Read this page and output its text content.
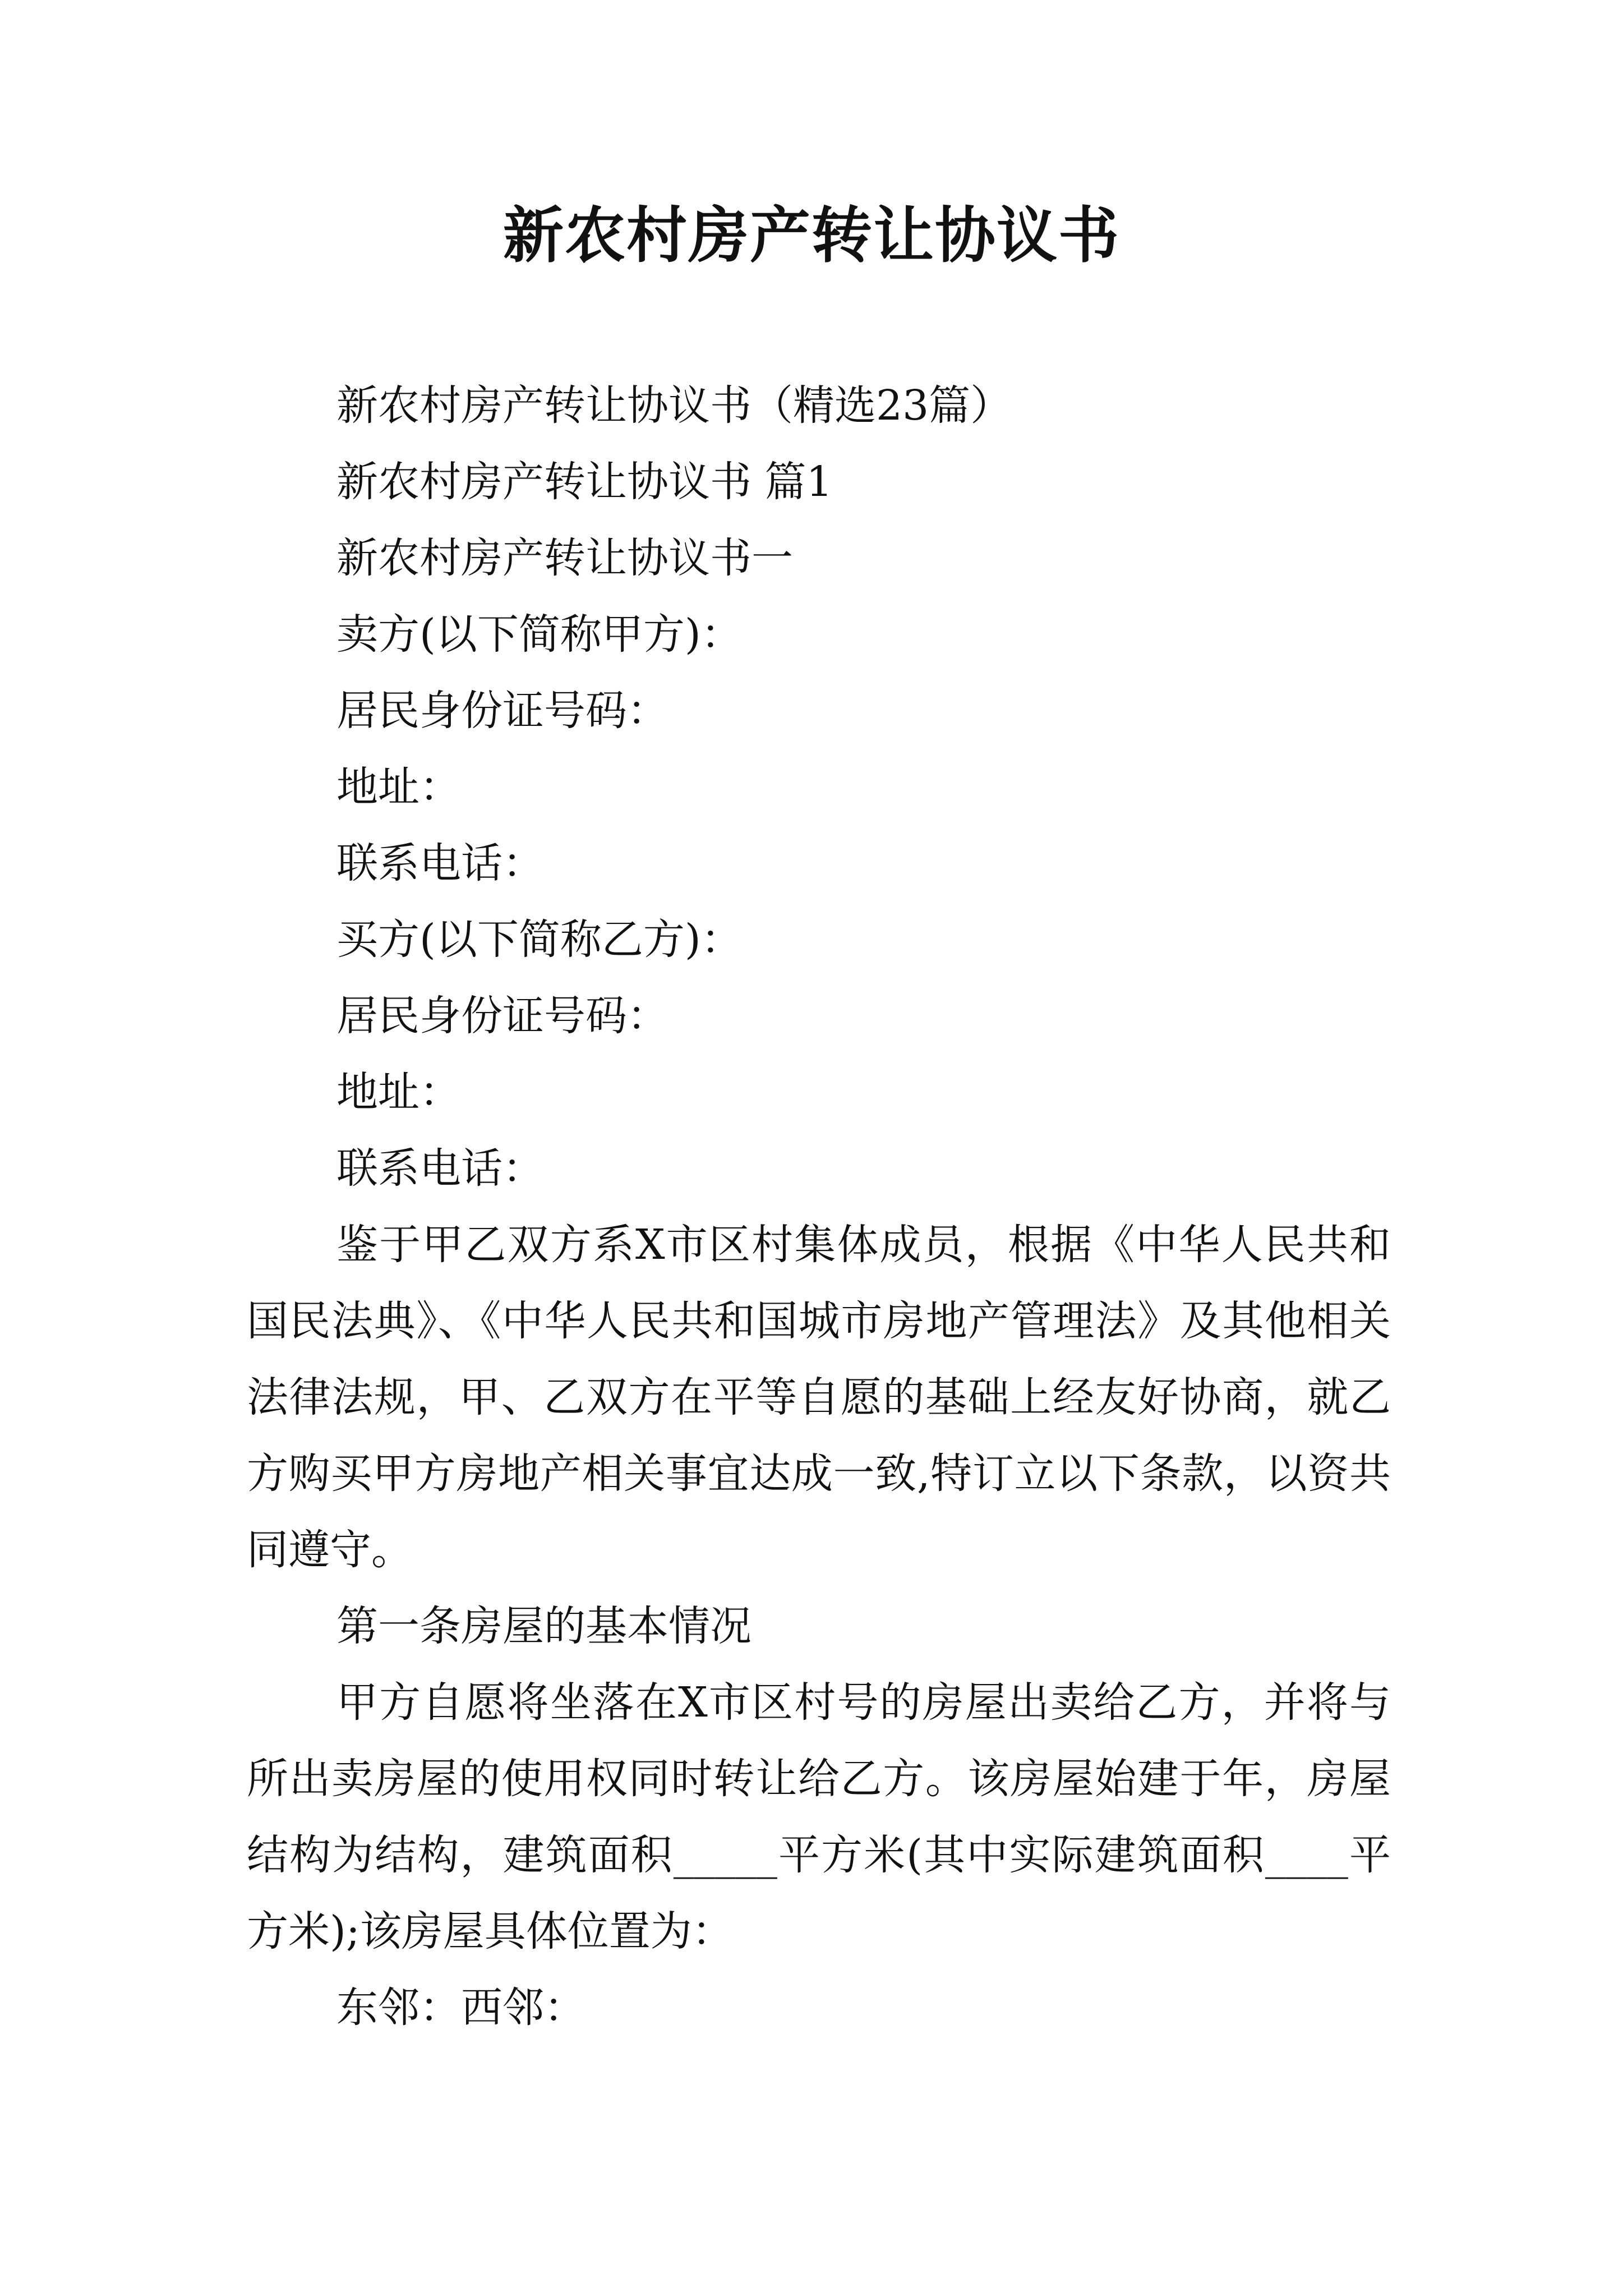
新农村房产转让协议书

新农村房产转让协议书（精选23篇）

新农村房产转让协议书 篇1

新农村房产转让协议书一

卖方(以下简称甲方)：

居民身份证号码：

地址：

联系电话：

买方(以下简称乙方)：

居民身份证号码：

地址：

联系电话：

鉴于甲乙双方系X市区村集体成员，根据《中华人民共和国民法典》、《中华人民共和国城市房地产管理法》及其他相关法律法规，甲、乙双方在平等自愿的基础上经友好协商，就乙方购买甲方房地产相关事宜达成一致,特订立以下条款，以资共同遵守。

第一条房屋的基本情况

甲方自愿将坐落在X市区村号的房屋出卖给乙方，并将与所出卖房屋的使用权同时转让给乙方。该房屋始建于年，房屋结构为结构，建筑面积_____平方米(其中实际建筑面积____平方米);该房屋具体位置为：

东邻：西邻：
